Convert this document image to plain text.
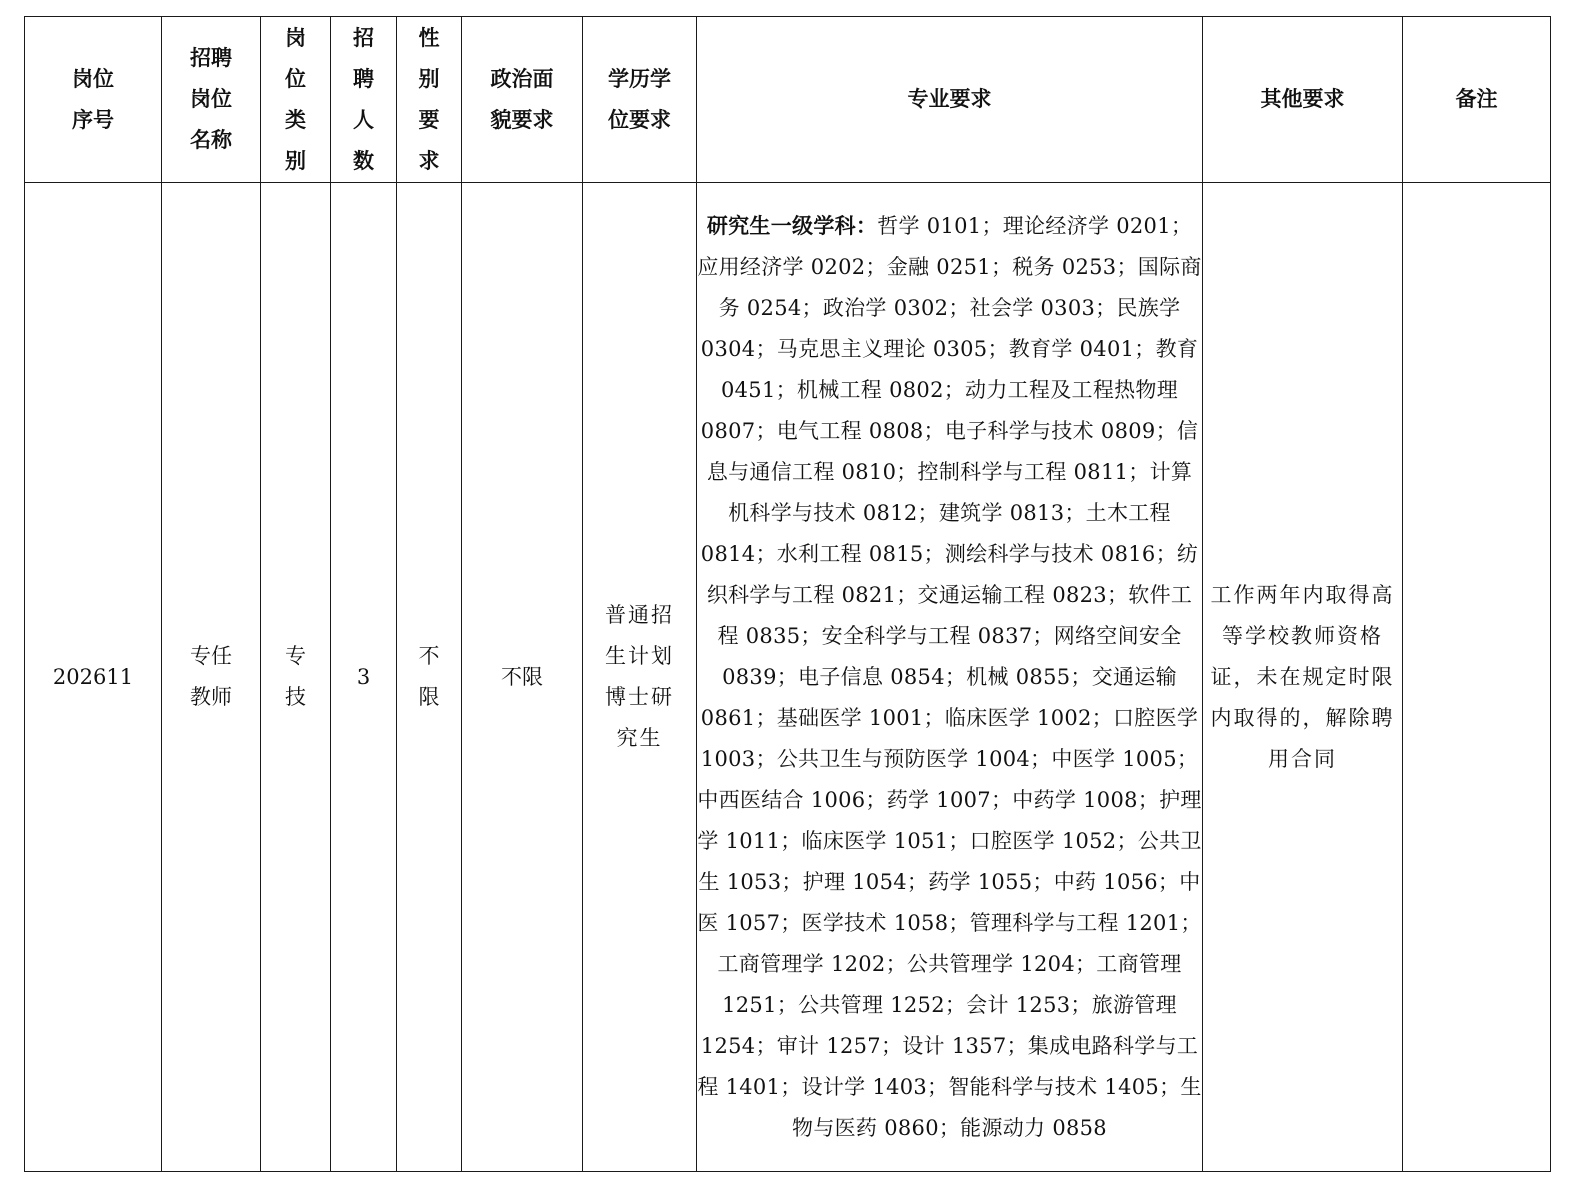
岗位序号	招聘岗位名称	岗位类别	招聘人数	性别要求	政治面貌要求	学历学位要求	专业要求	其他要求	备注
202611	专任教师	专技	3	不限	不限	普通招生计划博士研究生	研究生一级学科：哲学 0101；理论经济学 0201；应用经济学 0202；金融 0251；税务 0253；国际商务 0254；政治学 0302；社会学 0303；民族学 0304；马克思主义理论 0305；教育学 0401；教育 0451；机械工程 0802；动力工程及工程热物理 0807；电气工程 0808；电子科学与技术 0809；信息与通信工程 0810；控制科学与工程 0811；计算机科学与技术 0812；建筑学 0813；土木工程 0814；水利工程 0815；测绘科学与技术 0816；纺织科学与工程 0821；交通运输工程 0823；软件工程 0835；安全科学与工程 0837；网络空间安全 0839；电子信息 0854；机械 0855；交通运输 0861；基础医学 1001；临床医学 1002；口腔医学 1003；公共卫生与预防医学 1004；中医学 1005；中西医结合 1006；药学 1007；中药学 1008；护理学 1011；临床医学 1051；口腔医学 1052；公共卫生 1053；护理 1054；药学 1055；中药 1056；中医 1057；医学技术 1058；管理科学与工程 1201；工商管理学 1202；公共管理学 1204；工商管理 1251；公共管理 1252；会计 1253；旅游管理 1254；审计 1257；设计 1357；集成电路科学与工程 1401；设计学 1403；智能科学与技术 1405；生物与医药 0860；能源动力 0858	工作两年内取得高等学校教师资格证，未在规定时限内取得的，解除聘用合同	
